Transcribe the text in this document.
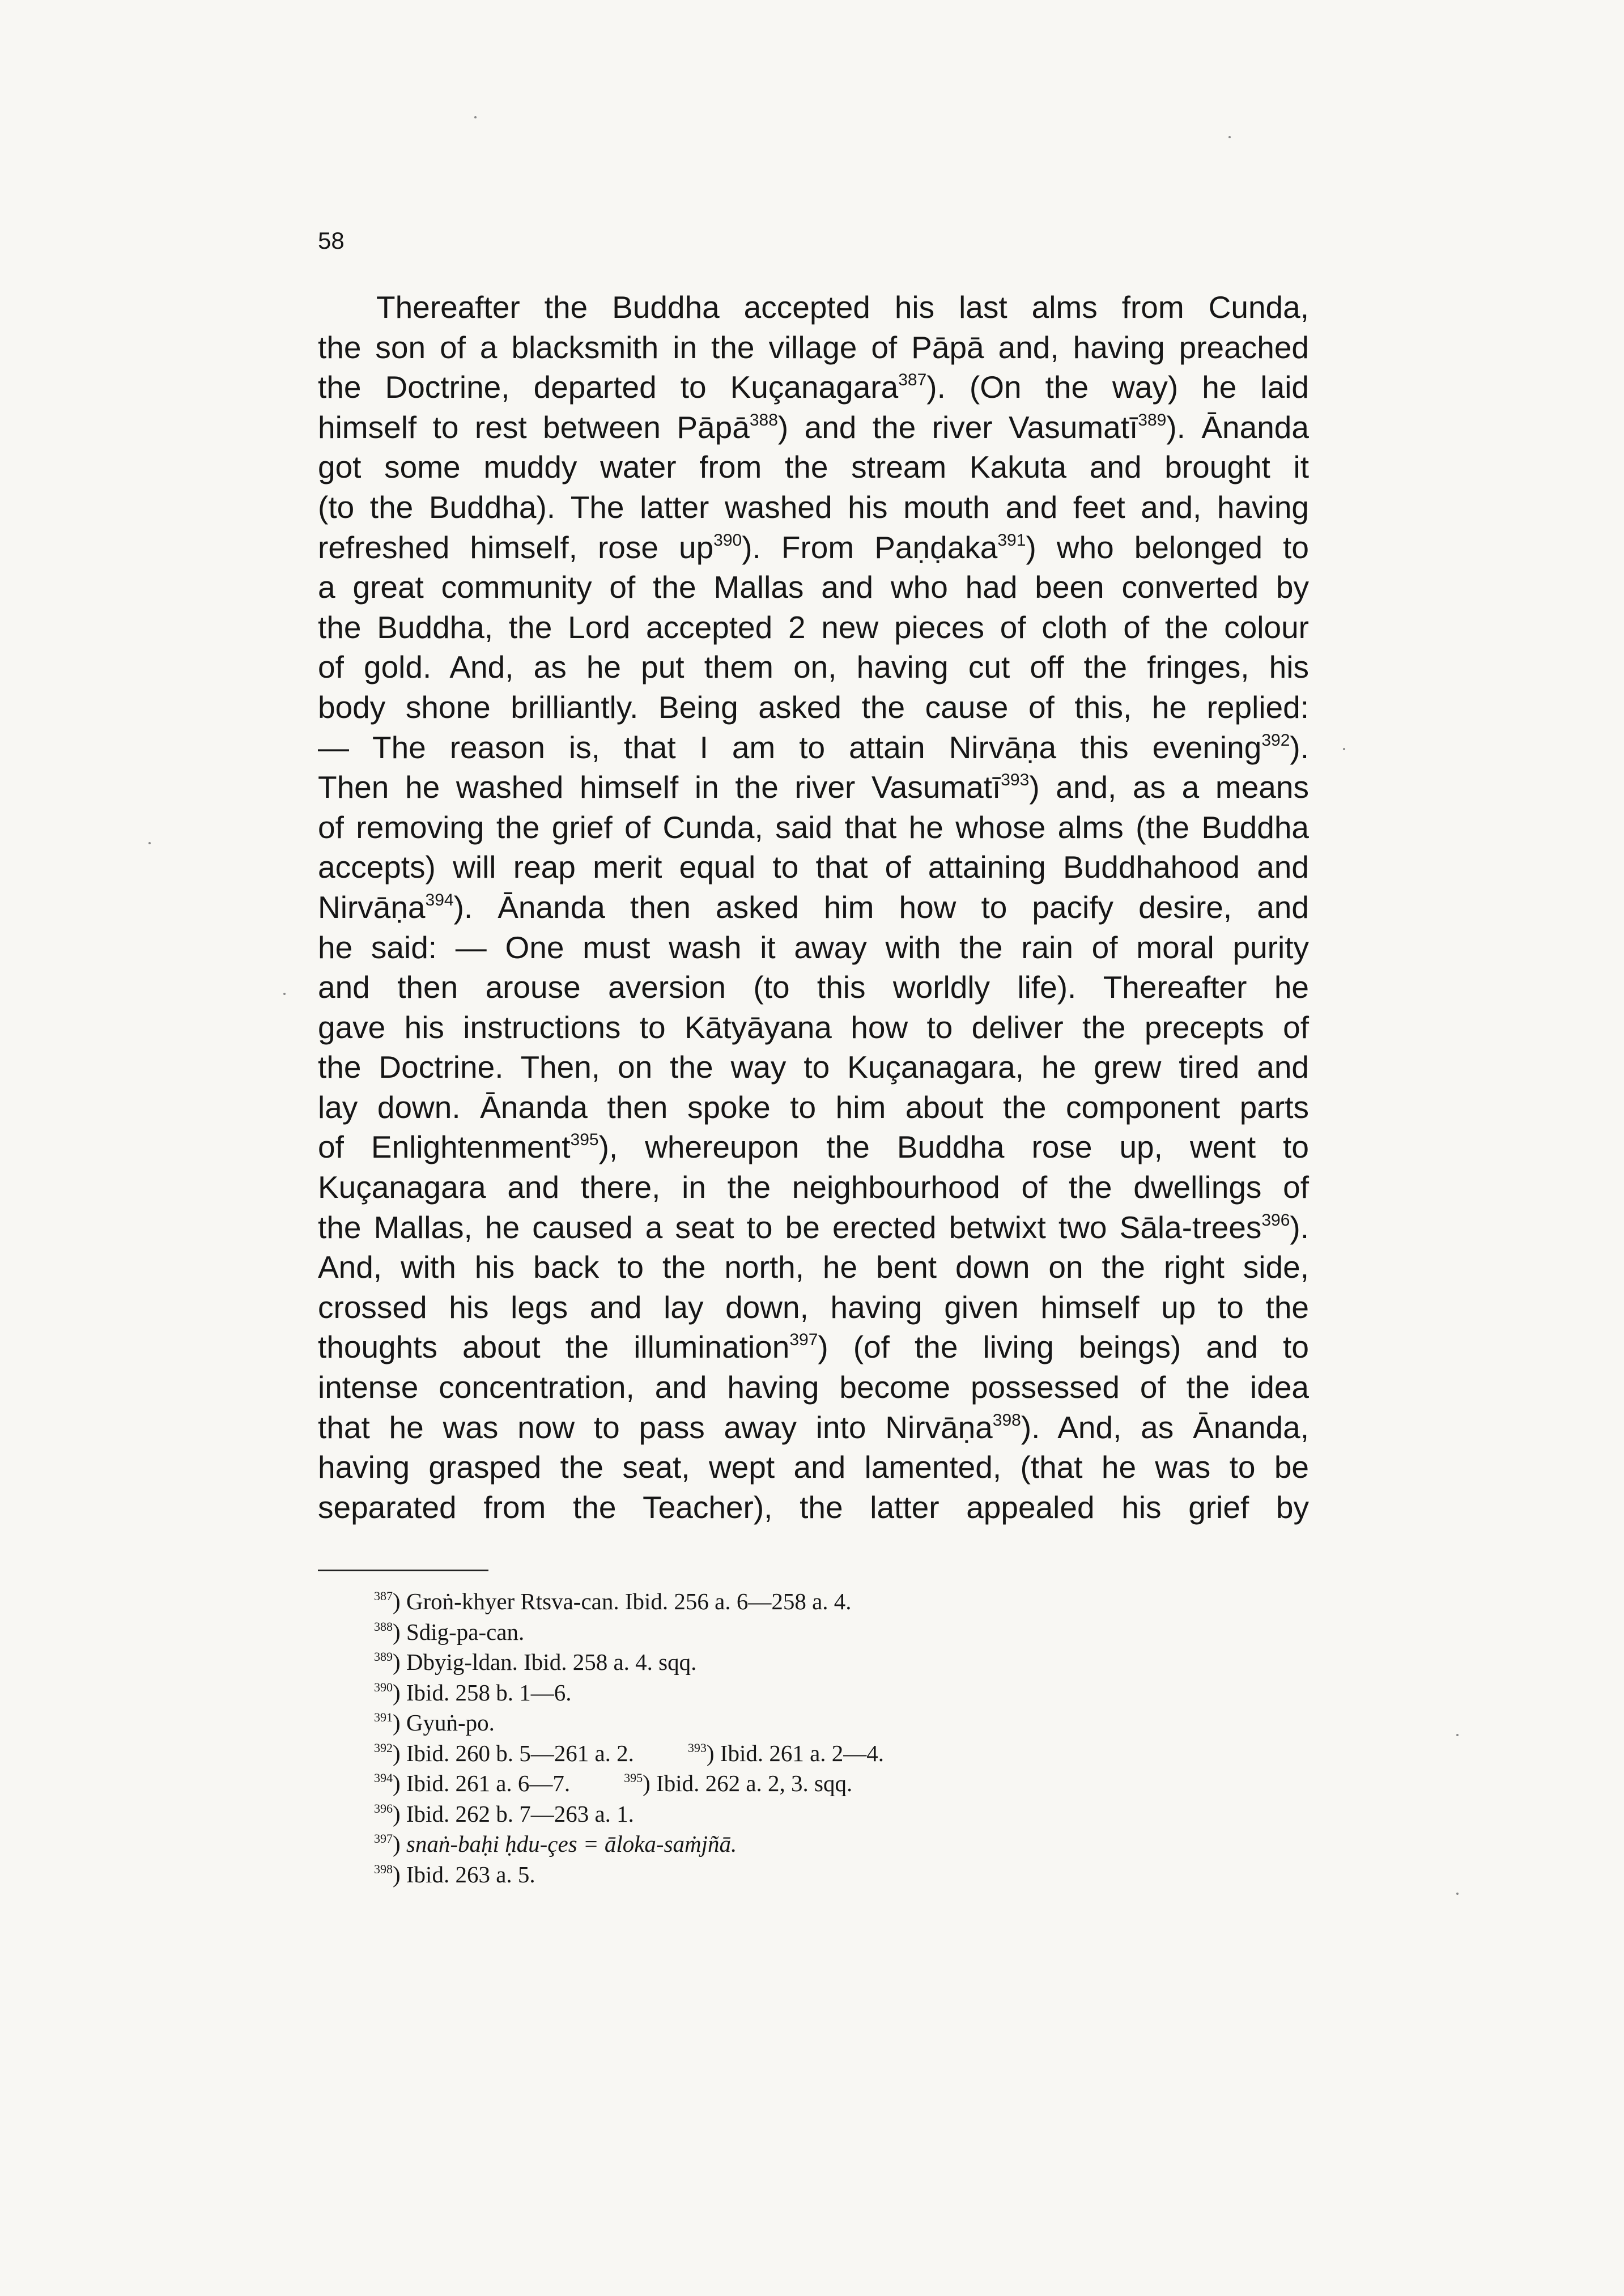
58
Thereafter the Buddha accepted his last alms from Cunda,
the son of a blacksmith in the village of Pāpā and, having preached
the Doctrine, departed to Kuçanagara$^{387}$). (On the way) he laid
himself to rest between Pāpā$^{388}$) and the river Vasumatī$^{389}$). Ānanda
got some muddy water from the stream Kakuta and brought it
(to the Buddha). The latter washed his mouth and feet and, having
refreshed himself, rose $up^{390}$). From Paṇḍaka$^{391}$) who belonged to
a great community of the Mallas and who had been converted by
the Buddha, the Lord accepted 2 new pieces of cloth of the colour
of gold. And, as he put them on, having cut off the fringes, his
body shone brilliantly. Being asked the cause of this, he replied:
— The reason is, that I am to attain Nirvāṇa this evening$^{392}$).
Then he washed himself in the river Vasumatī$^{393}$) and, as a means
of removing the grief of Cunda, said that he whose alms (the Buddha
accepts) will reap merit equal to that of attaining Buddhahood and
Nirvāṇa$^{394}$). Ānanda then asked him how to pacify desire, and
he said: — One must wash it away with the rain of moral purity
and then arouse aversion (to this worldly life). Thereafter he
gave his instructions to Kātyāyana how to deliver the precepts of
the Doctrine. Then, on the way to Kuçanagara, he grew tired and
lay down. Ānanda then spoke to him about the component parts
of Enlightenment$^{395}$), whereupon the Buddha rose up, went to
Kuçanagara and there, in the neighbourhood of the dwellings of
the Mallas, he caused a seat to be erected betwixt two Sāla-trees$^{396}$).
And, with his back to the north, he bent down on the right side,
crossed his legs and lay down, having given himself up to the
thoughts about the illumination$^{397}$) (of the living beings) and to
intense concentration, and having become possessed of the idea
that he was now to pass away into Nirvāṇa$^{398}$). And, as Ānanda,
having grasped the seat, wept and lamented, (that he was to be
separated from the Teacher), the latter appealed his grief by
$^{387}$) Groṅ-khyer Rtsva-can. Ibid. 256 a. 6—258 a. 4.
$^{388}$) Sdig-pa-can.
$^{389}$) Dbyig-ldan. Ibid. 258 a. 4. sqq.
$^{390}$) Ibid. 258 b. 1—6.
$^{391}$) Gyuṅ-po.
$^{392}$) Ibid. 260 b. 5—261 a. 2.	$^{393}$) Ibid. 261 a. 2—4.
$^{394}$) Ibid. 261 a. 6—7.	$^{395}$) Ibid. 262 a. 2, 3. sqq.
$^{396}$) Ibid. 262 b. 7—263 a. 1.
$^{397}$) snaṅ-baḥi ḥdu-çes = āloka-saṁjñā.
$^{398}$) Ibid. 263 a. 5.
